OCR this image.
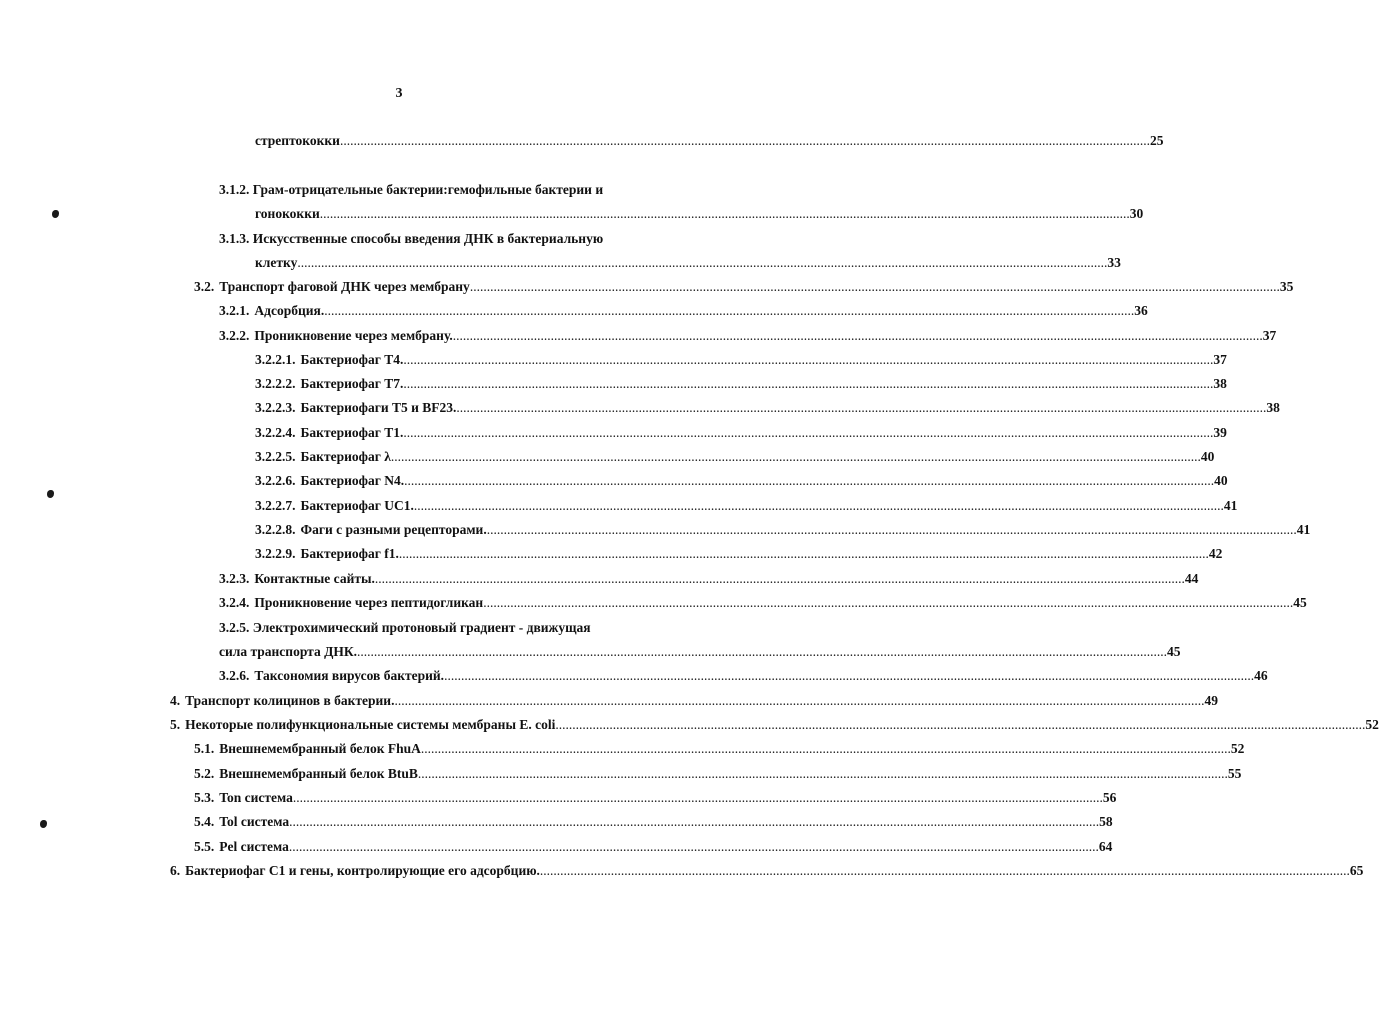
3
стрептококки .....	25
3.1.2. Грам-отрицательные бактерии:гемофильные бактерии и
гонококки .....	30
3.1.3. Искусственные способы введения ДНК в бактериальную
клетку .....	33
3.2. Транспорт фаговой ДНК через мембрану .....	35
3.2.1. Адсорбция. .....	36
3.2.2. Проникновение через мембрану. .....	37
3.2.2.1. Бактериофаг Т4. .....	37
3.2.2.2. Бактериофаг Т7. .....	38
3.2.2.3. Бактериофаги Т5 и BF23. .....	38
3.2.2.4. Бактериофаг Т1. .....	39
3.2.2.5. Бактериофаг λ .....	40
3.2.2.6. Бактериофаг N4. .....	40
3.2.2.7. Бактериофаг UC1. .....	41
3.2.2.8. Фаги с разными рецепторами. .....	41
3.2.2.9. Бактериофаг f1. .....	42
3.2.3. Контактные сайты. .....	44
3.2.4. Проникновение через пептидогликан .....	45
3.2.5. Электрохимический протоновый градиент - движущая
сила транспорта ДНК. .....	45
3.2.6. Таксономия вирусов бактерий. .....	46
4. Транспорт колицинов в бактерии. .....	49
5. Некоторые полифункциональные системы мембраны E. coli .....	52
5.1. Внешнемембранный белок FhuA .....	52
5.2. Внешнемембранный белок BtuB .....	55
5.3. Ton система .....	56
5.4. Tol система .....	58
5.5. Pel система .....	64
6. Бактериофаг С1 и гены, контролирующие его адсорбцию. .....	65
